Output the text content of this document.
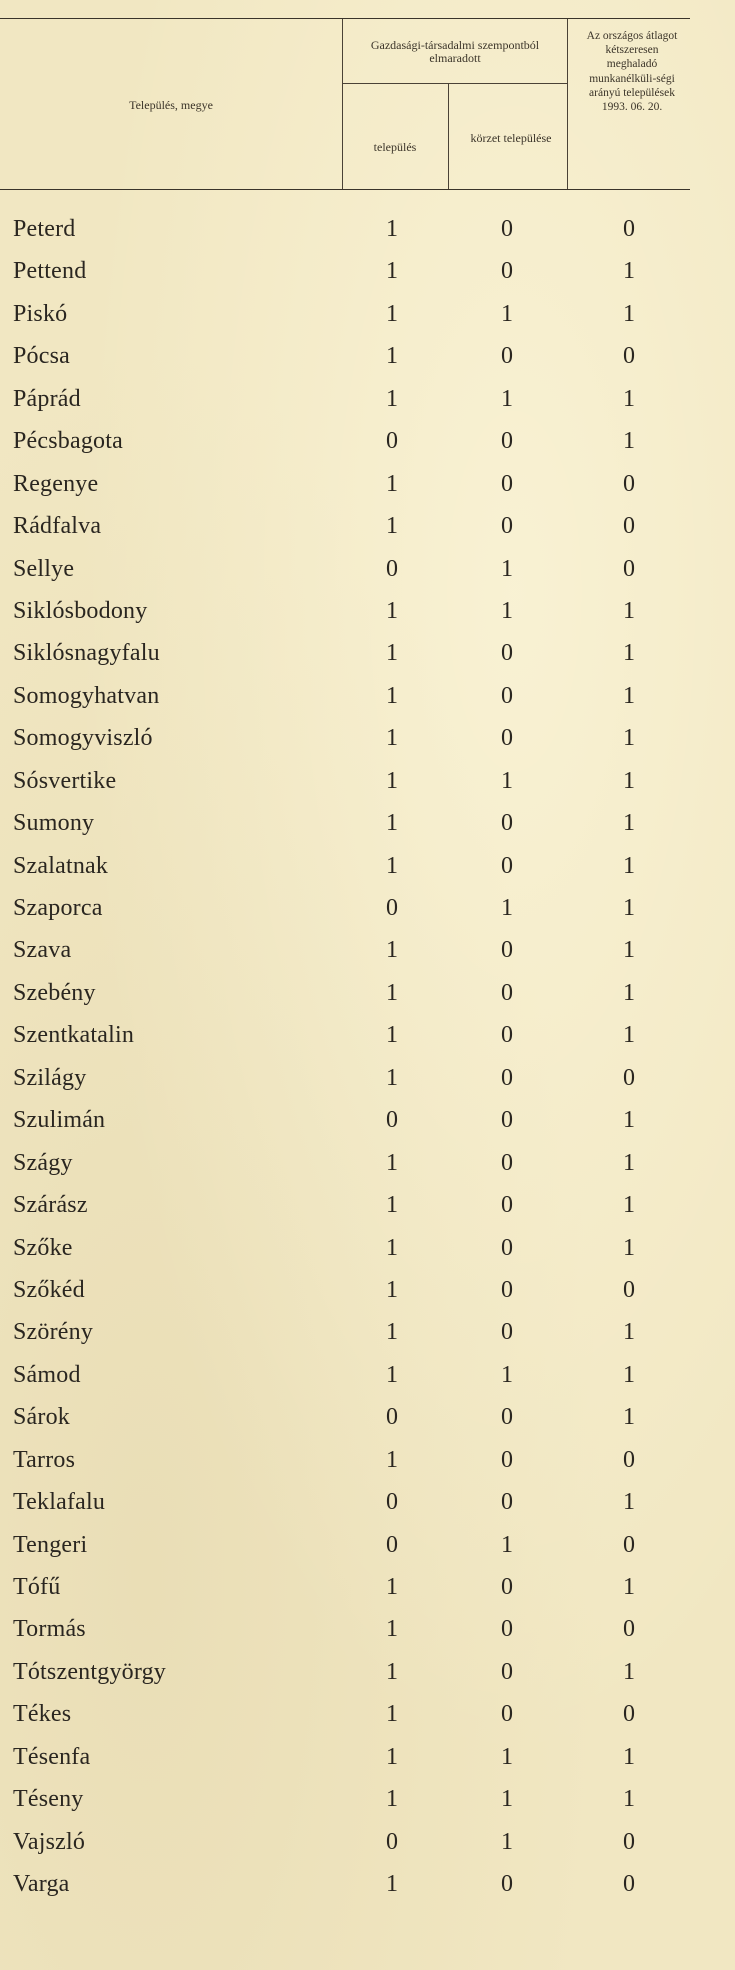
Település, megye
Gazdasági-társadalmi szempontból elmaradott
település
körzet települése
Az országos átlagot kétszeresen meghaladó munkanélküli-ségi arányú települések 1993. 06. 20.
Peterd	1	0	0
Pettend	1	0	1
Piskó	1	1	1
Pócsa	1	0	0
Páprád	1	1	1
Pécsbagota	0	0	1
Regenye	1	0	0
Rádfalva	1	0	0
Sellye	0	1	0
Siklósbodony	1	1	1
Siklósnagyfalu	1	0	1
Somogyhatvan	1	0	1
Somogyviszló	1	0	1
Sósvertike	1	1	1
Sumony	1	0	1
Szalatnak	1	0	1
Szaporca	0	1	1
Szava	1	0	1
Szebény	1	0	1
Szentkatalin	1	0	1
Szilágy	1	0	0
Szulimán	0	0	1
Szágy	1	0	1
Szárász	1	0	1
Szőke	1	0	1
Szőkéd	1	0	0
Szörény	1	0	1
Sámod	1	1	1
Sárok	0	0	1
Tarros	1	0	0
Teklafalu	0	0	1
Tengeri	0	1	0
Tófű	1	0	1
Tormás	1	0	0
Tótszentgyörgy	1	0	1
Tékes	1	0	0
Tésenfa	1	1	1
Téseny	1	1	1
Vajszló	0	1	0
Varga	1	0	0
